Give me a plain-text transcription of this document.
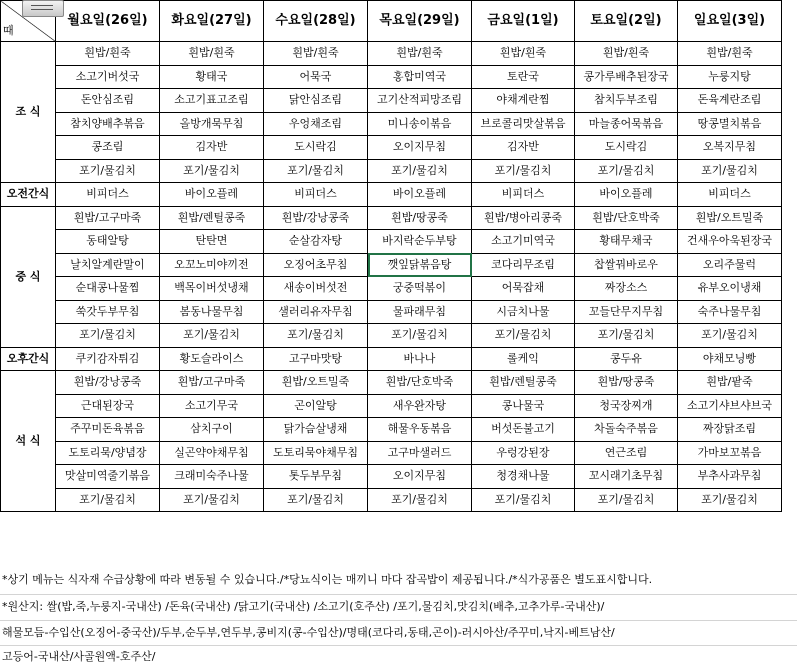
때	월요일(26일)	화요일(27일)	수요일(28일)	목요일(29일)	금요일(1일)	토요일(2일)	일요일(3일)
조 식	흰밥/흰죽	흰밥/흰죽	흰밥/흰죽	흰밥/흰죽	흰밥/흰죽	흰밥/흰죽	흰밥/흰죽
	소고기버섯국	황태국	어묵국	홍합미역국	토란국	콩가루배추된장국	누룽지탕
	돈안심조림	소고기표고조림	닭안심조림	고기산적피망조림	야채계란찜	참치두부조림	돈육계란조림
	참치양배추볶음	올방개묵무침	우엉채조림	미니송이볶음	브로콜리맛살볶음	마늘종어묵볶음	땅콩멸치볶음
	콩조림	김자반	도시락김	오이지무침	김자반	도시락김	오복지무침
	포기/물김치	포기/물김치	포기/물김치	포기/물김치	포기/물김치	포기/물김치	포기/물김치
오전간식	비피더스	바이오플레	비피더스	바이오플레	비피더스	바이오플레	비피더스
중 식	흰밥/고구마죽	흰밥/렌틸콩죽	흰밥/강낭콩죽	흰밥/땅콩죽	흰밥/병아리콩죽	흰밥/단호박죽	흰밥/오트밀죽
	동태알탕	탄탄면	순살감자탕	바지락순두부탕	소고기미역국	황태무채국	건새우아욱된장국
	날치알계란말이	오꼬노미야끼전	오징어초무침	깻잎닭볶음탕	코다리무조림	찹쌀꿔바로우	오리주물럭
	순대콩나물찜	백목이버섯냉채	새송이버섯전	궁중떡볶이	어묵잡채	짜장소스	유부오이냉채
	쑥갓두부무침	봄동나물무침	샐러리유자무침	물파래무침	시금치나물	꼬들단무지무침	숙주나물무침
	포기/물김치	포기/물김치	포기/물김치	포기/물김치	포기/물김치	포기/물김치	포기/물김치
오후간식	쿠키감자튀김	황도슬라이스	고구마맛탕	바나나	롤케익	콩두유	야채모닝빵
석 식	흰밥/강낭콩죽	흰밥/고구마죽	흰밥/오트밀죽	흰밥/단호박죽	흰밥/렌틸콩죽	흰밥/땅콩죽	흰밥/팥죽
	근대된장국	소고기무국	곤이알탕	새우완자탕	콩나물국	청국장찌개	소고기샤브샤브국
	주꾸미돈육볶음	삼치구이	닭가슴살냉채	해물우동볶음	버섯돈불고기	차돌숙주볶음	짜장닭조림
	도토리묵/양념장	실곤약야채무침	도토리묵야채무침	고구마샐러드	우렁강된장	연근조림	가마보꼬볶음
	맛살미역줄기볶음	크래미숙주나물	톳두부무침	오이지무침	청경채나물	꼬시래기초무침	부추사과무침
	포기/물김치	포기/물김치	포기/물김치	포기/물김치	포기/물김치	포기/물김치	포기/물김치
*상기 메뉴는 식자재 수급상황에 따라 변동될 수 있습니다./*당뇨식이는 매끼니 마다 잡곡밥이 제공됩니다./*식가공품은 별도표시합니다.
*원산지: 쌀(밥,죽,누룽지-국내산) /돈육(국내산) /닭고기(국내산) /소고기(호주산) /포기,물김치,맛김치(배추,고추가루-국내산)/
해물모듬-수입산(오징어-중국산)/두부,순두부,연두부,콩비지(콩-수입산)/명태(코다리,동태,곤이)-러시아산/주꾸미,낙지-베트남산/
고등어-국내산/사골원액-호주산/
